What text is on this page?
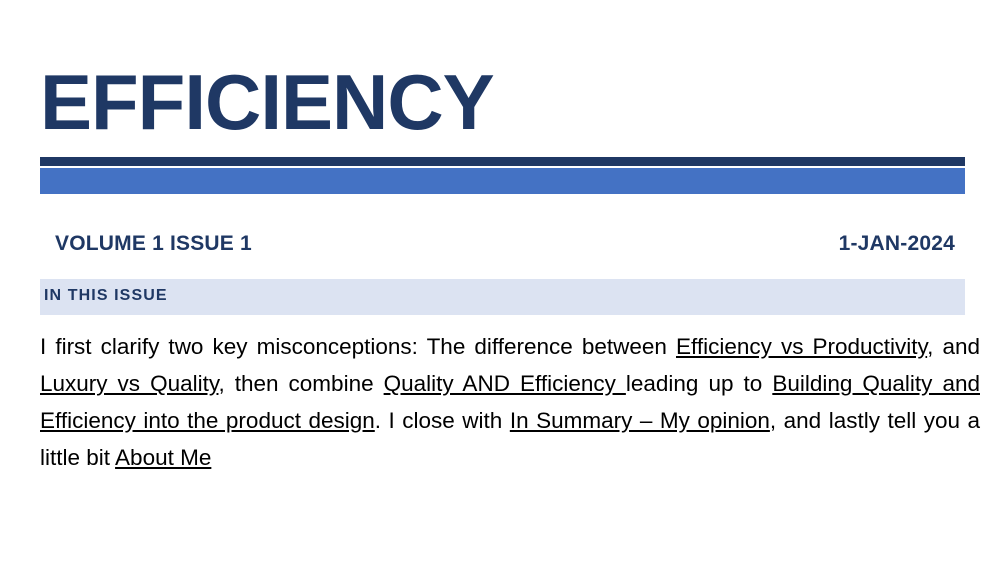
EFFICIENCY
VOLUME 1 ISSUE 1	1-JAN-2024
IN THIS ISSUE
I first clarify two key misconceptions: The difference between Efficiency vs Productivity, and Luxury vs Quality, then combine Quality AND Efficiency leading up to Building Quality and Efficiency into the product design. I close with In Summary – My opinion, and lastly tell you a little bit About Me
